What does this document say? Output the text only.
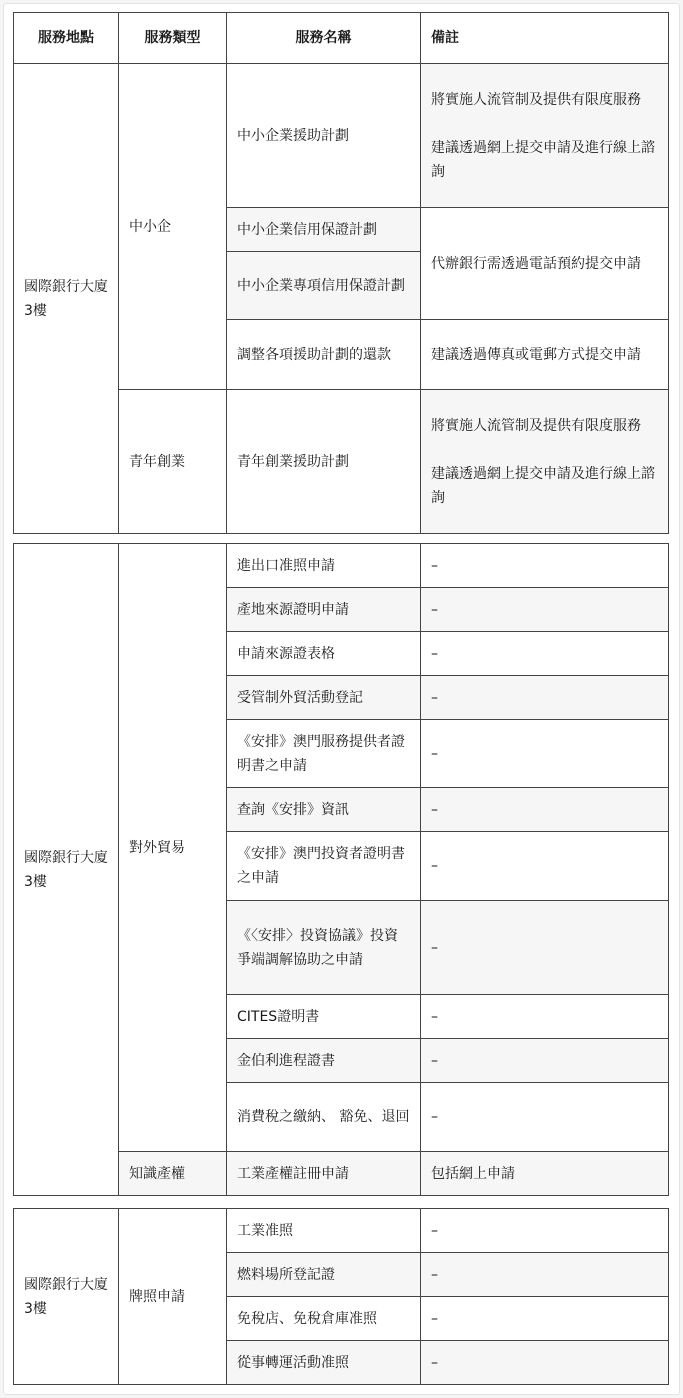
服務地點	服務類型	服務名稱	備註
國際銀行大廈3樓	中小企	中小企業援助計劃	將實施人流管制及提供有限度服務
建議透過網上提交申請及進行線上諮詢

		中小企業信用保證計劃	代辦銀行需透過電話預約提交申請
		中小企業專項信用保證計劃	
		調整各項援助計劃的還款	建議透過傳真或電郵方式提交申請
	青年創業	青年創業援助計劃	將實施人流管制及提供有限度服務
建議透過網上提交申請及進行線上諮詢
國際銀行大廈3樓	對外貿易	進出口准照申請	–
		產地來源證明申請	–
		申請來源證表格	–
		受管制外貿活動登記	–
		《安排》澳門服務提供者證明書之申請	–
		查詢《安排》資訊	–
		《安排》澳門投資者證明書之申請	–
		《〈安排〉投資協議》投資爭端調解協助之申請	–
		CITES證明書	–
		金伯利進程證書	–
		消費稅之繳納、 豁免、退回	–
	知識產權	工業產權註冊申請	包括網上申請
國際銀行大廈3樓	牌照申請	工業准照	–
		燃料場所登記證	–
		免稅店、免稅倉庫准照	–
		從事轉運活動准照	–
